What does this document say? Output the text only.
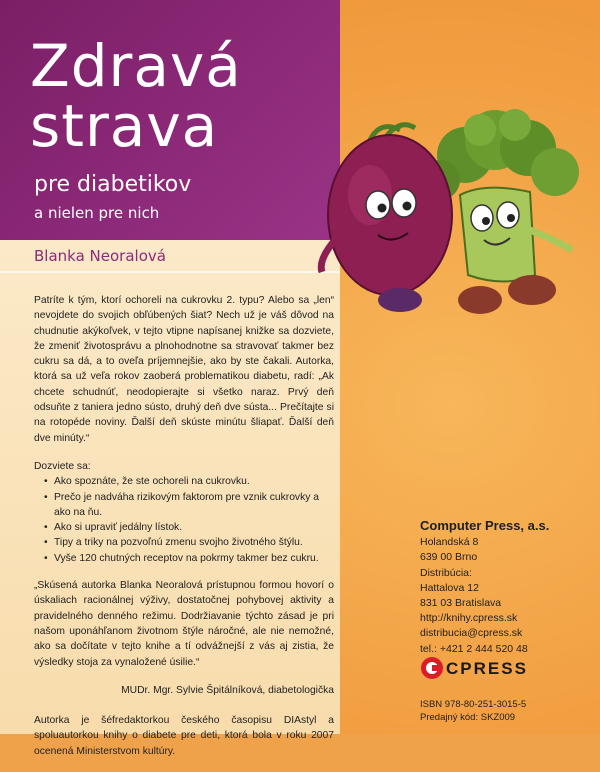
Zdravá
strava
pre diabetikov
a nielen pre nich
Blanka Neoralová

Patríte k tým, ktorí ochoreli na cukrovku 2. typu? Alebo sa „len“ nevojdete do svojich obľúbených šiat? Nech už je váš dôvod na chudnutie akýkoľvek, v tejto vtipne napísanej knižke sa dozviete, že zmeniť životosprávu a plnohodnotne sa stravovať takmer bez cukru sa dá, a to oveľa príjemnejšie, ako by ste čakali. Autorka, ktorá sa už veľa rokov zaoberá problematikou diabetu, radí: „Ak chcete schudnúť, neodopierajte si všetko naraz. Prvý deň odsuňte z taniera jedno sústo, druhý deň dve sústa... Prečítajte si na rotopéde noviny. Ďalší deň skúste minútu šliapať. Ďalší deň dve minúty.“

Dozviete sa:
• Ako spoznáte, že ste ochoreli na cukrovku.
• Prečo je nadváha rizikovým faktorom pre vznik cukrovky a ako na ňu.
• Ako si upraviť jedálny lístok.
• Tipy a triky na pozvoľnú zmenu svojho životného štýlu.
• Vyše 120 chutných receptov na pokrmy takmer bez cukru.

„Skúsená autorka Blanka Neoralová prístupnou formou hovorí o úskaliach racionálnej výživy, dostatočnej pohybovej aktivity a pravidelného denného režimu. Dodržiavanie týchto zásad je pri našom uponáhľanom životnom štýle náročné, ale nie nemožné, ako sa dočítate v tejto knihe a tí odvážnejší z vás aj zistia, že výsledky stoja za vynaložené úsilie.“

MUDr. Mgr. Sylvie Špitálníková, diabetologička

Autorka je šéfredaktorkou českého časopisu DIAstyl a spoluautorkou knihy o diabete pre deti, ktorá bola v roku 2007 ocenená Ministerstvom kultúry.

Computer Press, a.s.
Holandská 8
639 00 Brno
Distribúcia:
Hattalova 12
831 03 Bratislava
http://knihy.cpress.sk
distribucia@cpress.sk
tel.: +421 2 444 520 48
CPRESS
ISBN 978-80-251-3015-5
Predajný kód: SKZ009
